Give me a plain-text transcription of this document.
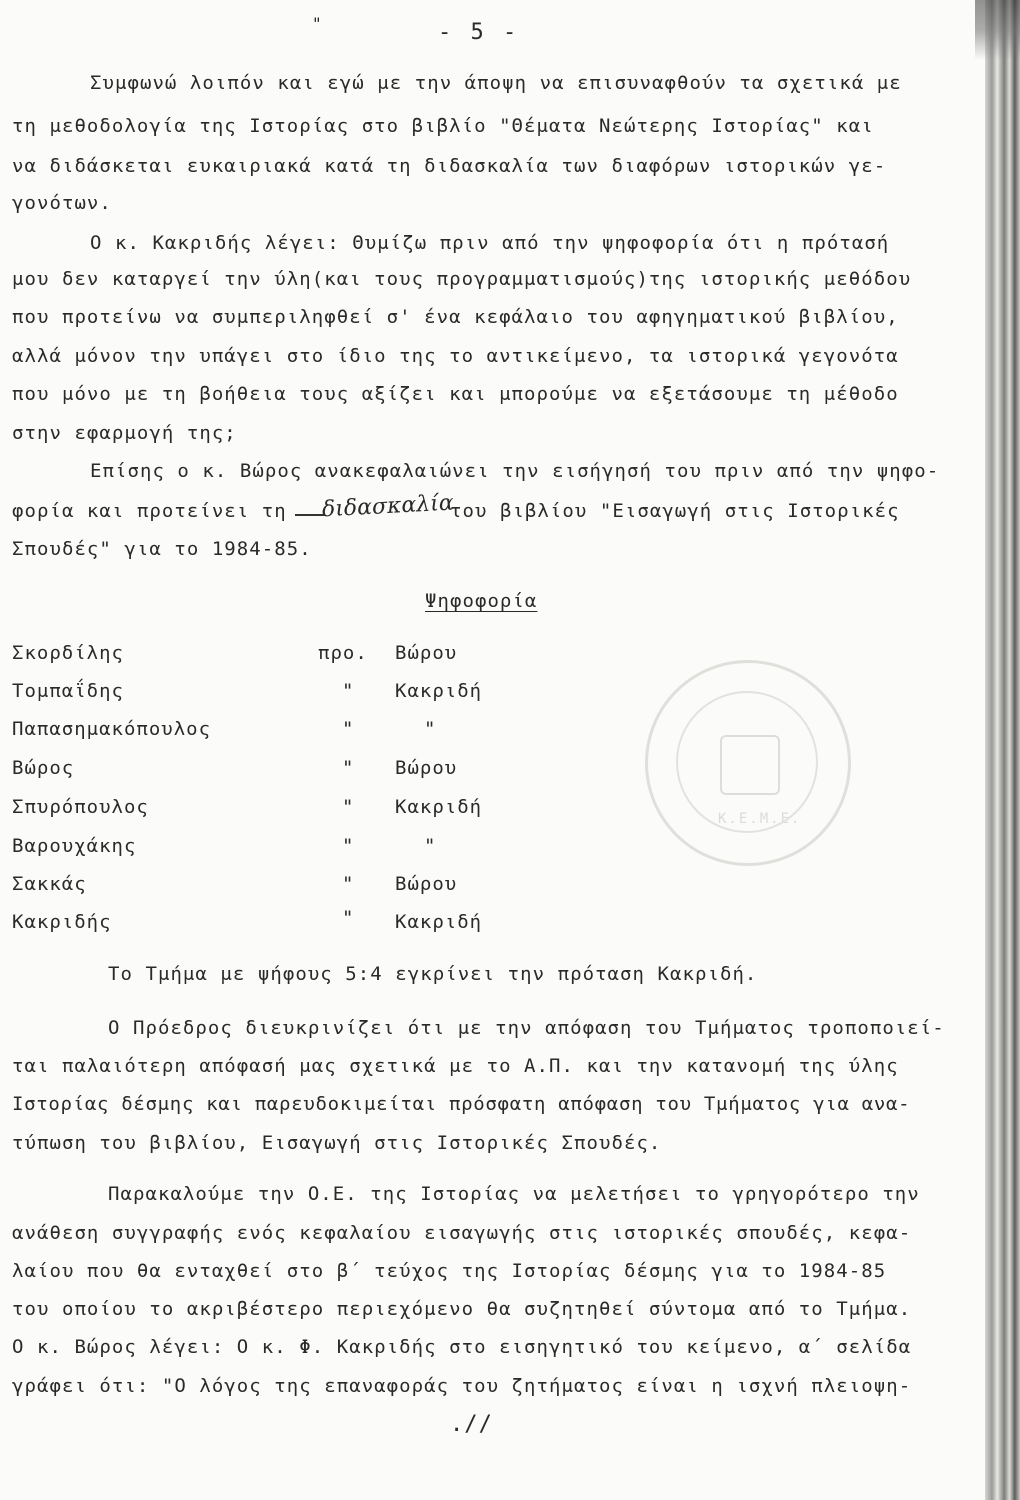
"	- 5 -
Συμφωνώ λοιπόν και εγώ με την άποψη να επισυναφθούν τα σχετικά με
τη μεθοδολογία της Ιστορίας στο βιβλίο "Θέματα Νεώτερης Ιστορίας" και
να διδάσκεται ευκαιριακά κατά τη διδασκαλία των διαφόρων ιστορικών γε-
γονότων.
Ο κ. Κακριδής λέγει: Θυμίζω πριν από την ψηφοφορία ότι η πρότασή
μου δεν καταργεί την ύλη(και τους προγραμματισμούς)της ιστορικής μεθόδου
που προτείνω να συμπεριληφθεί σ' ένα κεφάλαιο του αφηγηματικού βιβλίου,
αλλά μόνον την υπάγει στο ίδιο της το αντικείμενο, τα ιστορικά γεγονότα
που μόνο με τη βοήθεια τους αξίζει και μπορούμε να εξετάσουμε τη μέθοδο
στην εφαρμογή της;
Επίσης ο κ. Βώρος ανακεφαλαιώνει την εισήγησή του πριν από την ψηφο-
φορία και προτείνει τη διδασκαλία
του βιβλίου "Εισαγωγή στις Ιστορικές
Σπουδές" για το 1984-85.
Ψηφοφορία
Σκορδίλης	προ. Βώρου
Τομπαΐδης	" Κακριδή
Παπασημακόπουλος	"	"
Βώρος	" Βώρου
Σπυρόπουλος	" Κακριδή
Βαρουχάκης	"	"
Σακκάς	" Βώρου
Κακριδής	" Κακριδή
Το Τμήμα με ψήφους 5:4 εγκρίνει την πρόταση Κακριδή.
Ο Πρόεδρος διευκρινίζει ότι με την απόφαση του Τμήματος τροποποιεί-
ται παλαιότερη απόφασή μας σχετικά με το Α.Π. και την κατανομή της ύλης
Ιστορίας δέσμης και παρευδοκιμείται πρόσφατη απόφαση του Τμήματος για ανα-
τύπωση του βιβλίου, Εισαγωγή στις Ιστορικές Σπουδές.
Παρακαλούμε την Ο.Ε. της Ιστορίας να μελετήσει το γρηγορότερο την
ανάθεση συγγραφής ενός κεφαλαίου εισαγωγής στις ιστορικές σπουδές, κεφα-
λαίου που θα ενταχθεί στο β΄ τεύχος της Ιστορίας δέσμης για το 1984-85
του οποίου το ακριβέστερο περιεχόμενο θα συζητηθεί σύντομα από το Τμήμα.
Ο κ. Βώρος λέγει: Ο κ. Φ. Κακριδής στο εισηγητικό του κείμενο, α΄ σελίδα
γράφει ότι: "Ο λόγος της επαναφοράς του ζητήματος είναι η ισχνή πλειοψη-
.//
Κ.Ε.Μ.Ε.
